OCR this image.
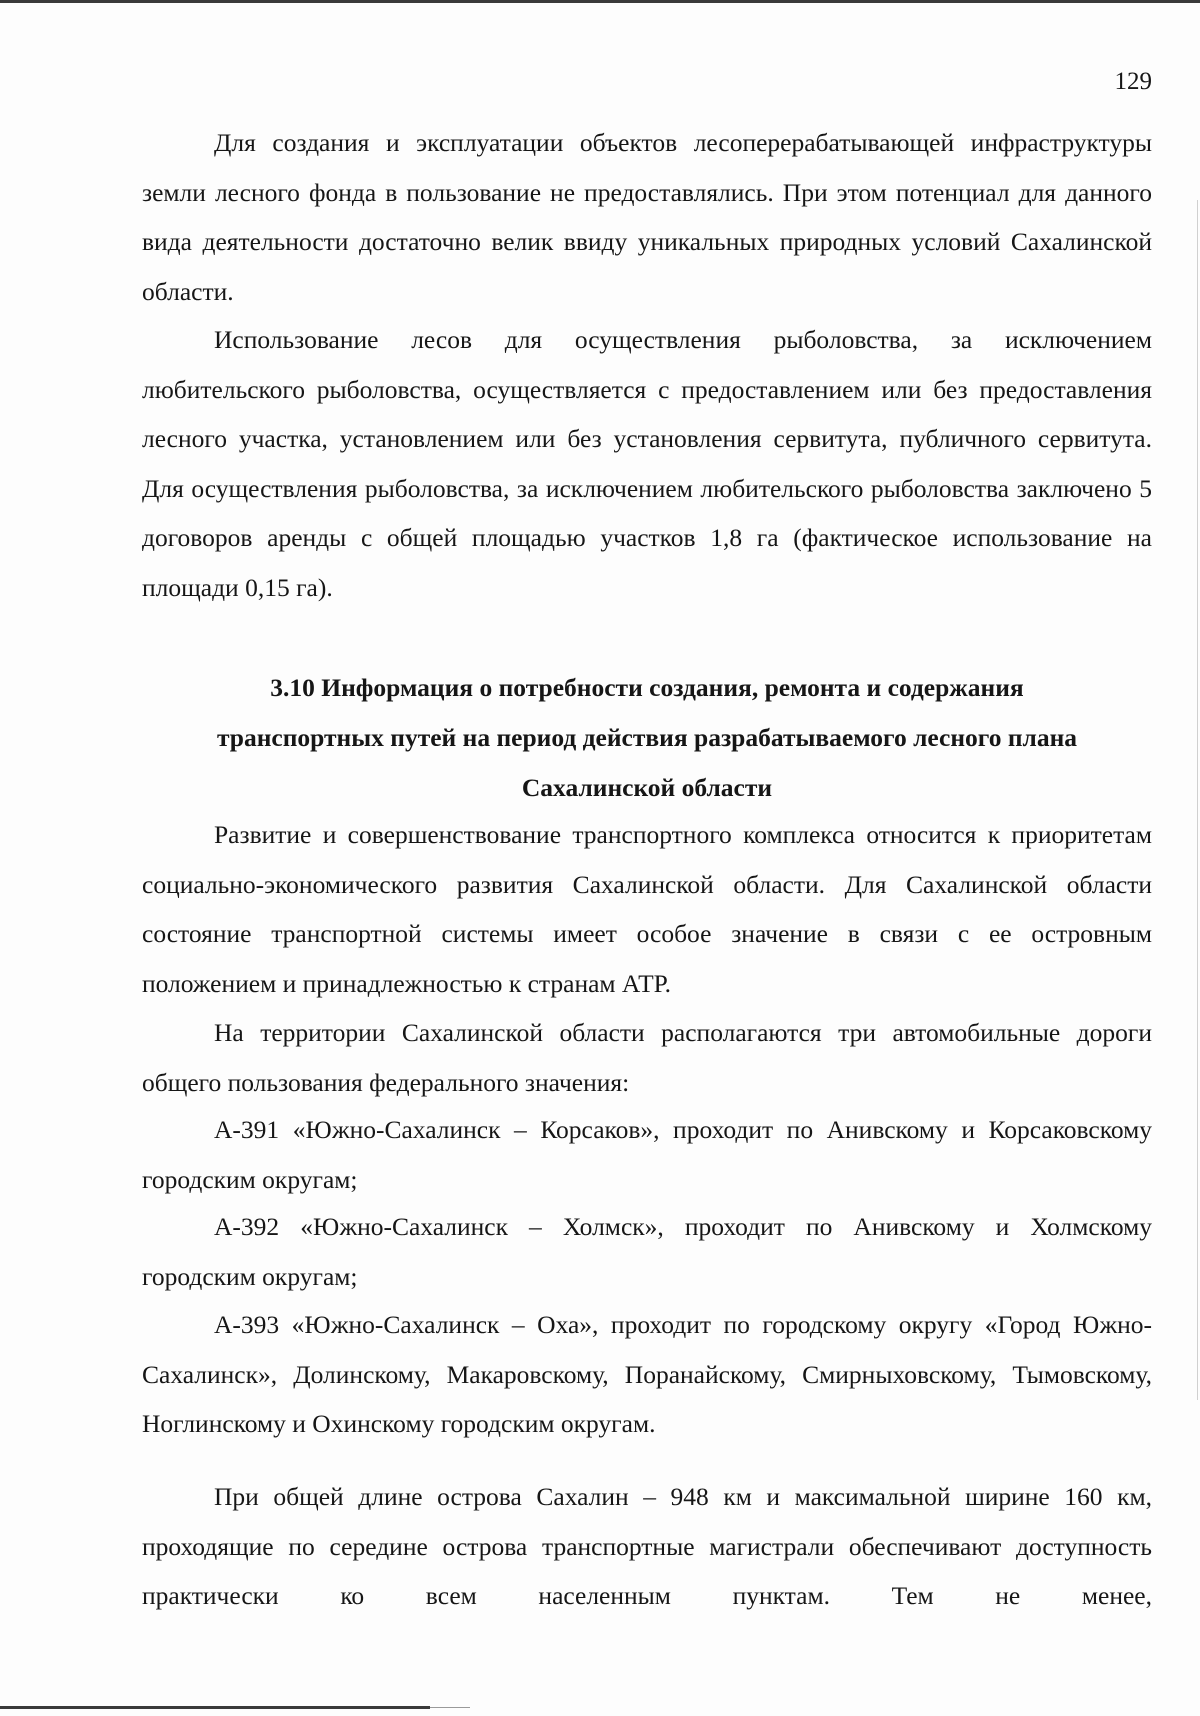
129
Для создания и эксплуатации объектов лесоперерабатывающей инфраструктуры земли лесного фонда в пользование не предоставлялись. При этом потенциал для данного вида деятельности достаточно велик ввиду уникальных природных условий Сахалинской области.
Использование лесов для осуществления рыболовства, за исключением любительского рыболовства, осуществляется с предоставлением или без предоставления лесного участка, установлением или без установления сервитута, публичного сервитута. Для осуществления рыболовства, за исключением любительского рыболовства заключено 5 договоров аренды с общей площадью участков 1,8 га (фактическое использование на площади 0,15 га).
3.10 Информация о потребности создания, ремонта и содержания
транспортных путей на период действия разрабатываемого лесного плана
Сахалинской области
Развитие и совершенствование транспортного комплекса относится к приоритетам социально-экономического развития Сахалинской области. Для Сахалинской области состояние транспортной системы имеет особое значение в связи с ее островным положением и принадлежностью к странам АТР.
На территории Сахалинской области располагаются три автомобильные дороги общего пользования федерального значения:
А-391 «Южно-Сахалинск – Корсаков», проходит по Анивскому и Корсаковскому городским округам;
А-392 «Южно-Сахалинск – Холмск», проходит по Анивскому и Холмскому городским округам;
А-393 «Южно-Сахалинск – Оха», проходит по городскому округу «Город Южно-Сахалинск», Долинскому, Макаровскому, Поранайскому, Смирныховскому, Тымовскому, Ноглинскому и Охинскому городским округам.
При общей длине острова Сахалин – 948 км и максимальной ширине 160 км, проходящие по середине острова транспортные магистрали обеспечивают доступность практически ко всем населенным пунктам. Тем не менее,
